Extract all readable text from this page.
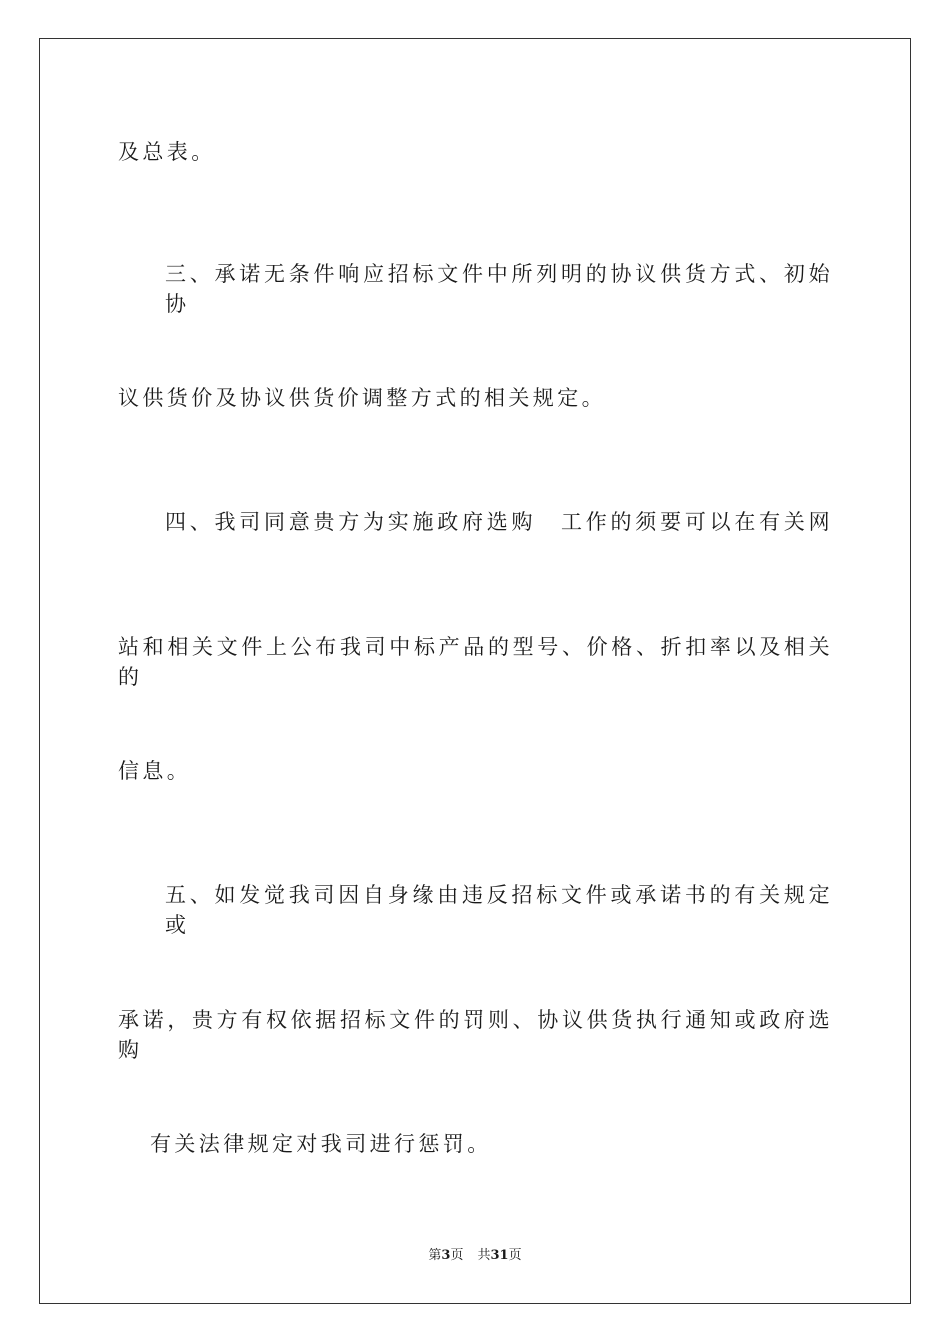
及总表。
三、承诺无条件响应招标文件中所列明的协议供货方式、初始协
议供货价及协议供货价调整方式的相关规定。
四、我司同意贵方为实施政府选购　工作的须要可以在有关网
站和相关文件上公布我司中标产品的型号、价格、折扣率以及相关的
信息。
五、如发觉我司因自身缘由违反招标文件或承诺书的有关规定或
承诺，贵方有权依据招标文件的罚则、协议供货执行通知或政府选购
有关法律规定对我司进行惩罚。
第3页 共31页
